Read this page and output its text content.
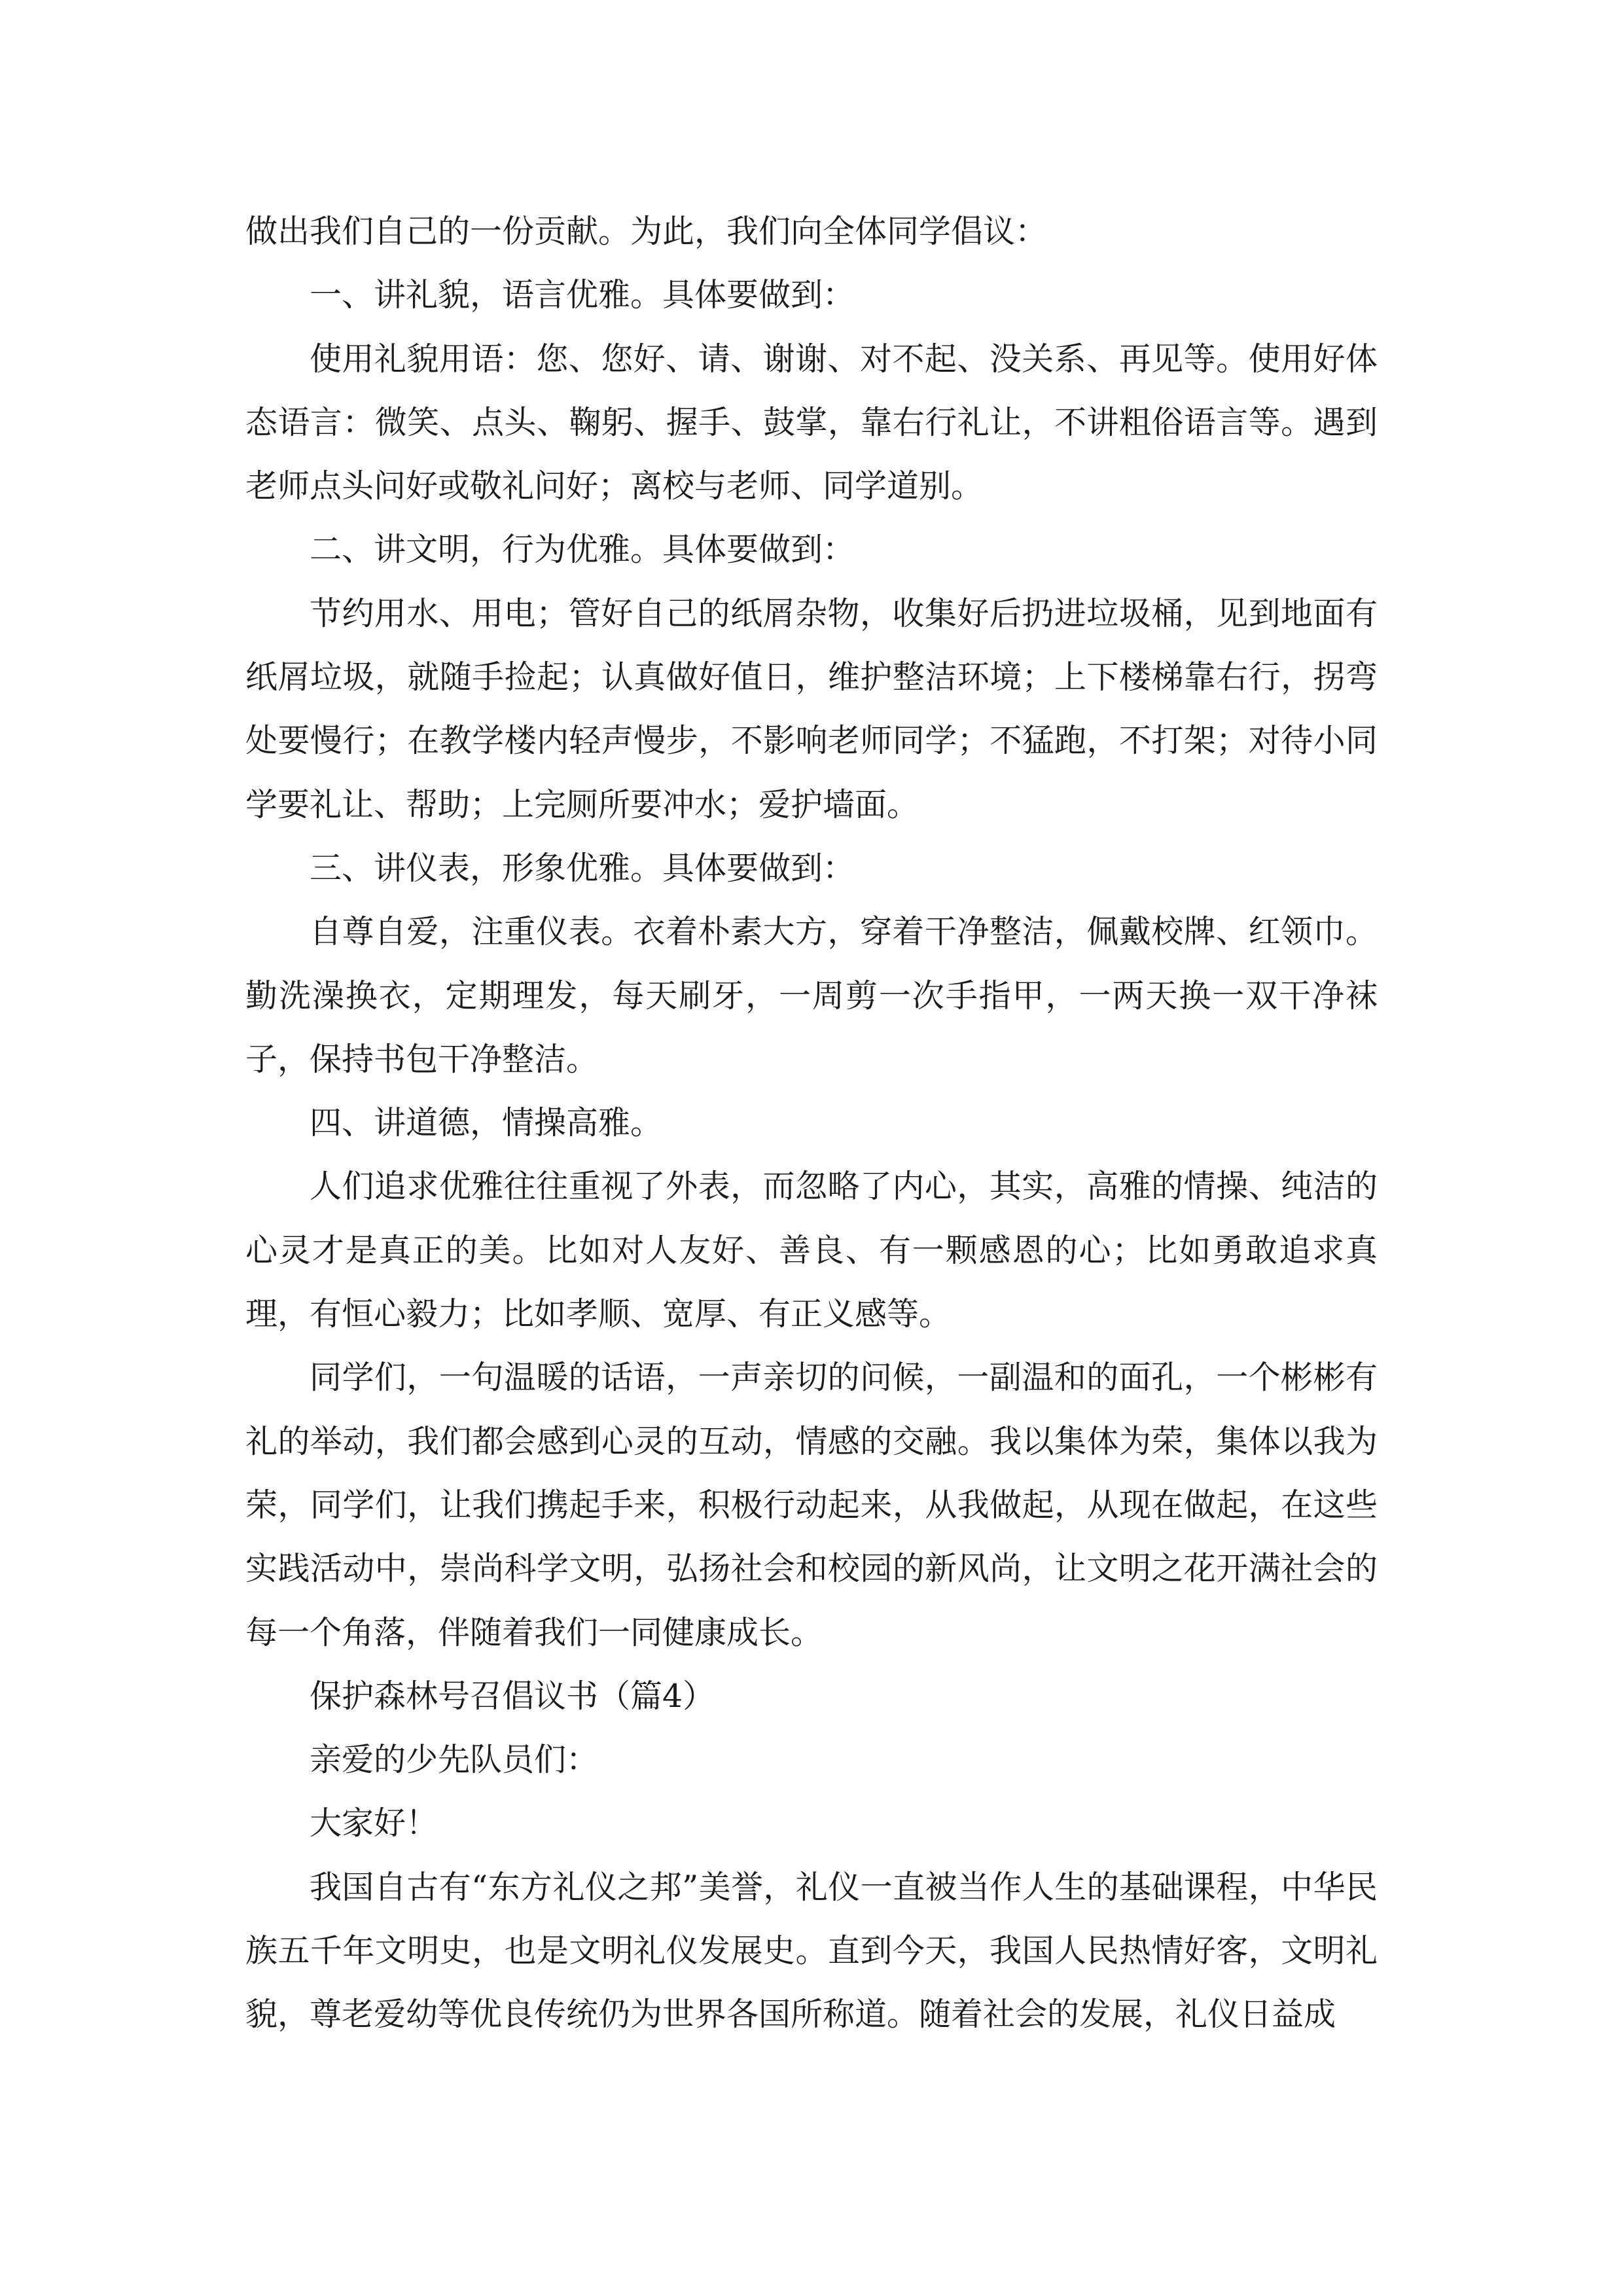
做出我们自己的一份贡献。为此，我们向全体同学倡议：

一、讲礼貌，语言优雅。具体要做到：

使用礼貌用语：您、您好、请、谢谢、对不起、没关系、再见等。使用好体态语言：微笑、点头、鞠躬、握手、鼓掌，靠右行礼让，不讲粗俗语言等。遇到老师点头问好或敬礼问好；离校与老师、同学道别。

二、讲文明，行为优雅。具体要做到：

节约用水、用电；管好自己的纸屑杂物，收集好后扔进垃圾桶，见到地面有纸屑垃圾，就随手捡起；认真做好值日，维护整洁环境；上下楼梯靠右行，拐弯处要慢行；在教学楼内轻声慢步，不影响老师同学；不猛跑，不打架；对待小同学要礼让、帮助；上完厕所要冲水；爱护墙面。

三、讲仪表，形象优雅。具体要做到：

自尊自爱，注重仪表。衣着朴素大方，穿着干净整洁，佩戴校牌、红领巾。勤洗澡换衣，定期理发，每天刷牙，一周剪一次手指甲，一两天换一双干净袜子，保持书包干净整洁。

四、讲道德，情操高雅。

人们追求优雅往往重视了外表，而忽略了内心，其实，高雅的情操、纯洁的心灵才是真正的美。比如对人友好、善良、有一颗感恩的心；比如勇敢追求真理，有恒心毅力；比如孝顺、宽厚、有正义感等。

同学们，一句温暖的话语，一声亲切的问候，一副温和的面孔，一个彬彬有礼的举动，我们都会感到心灵的互动，情感的交融。我以集体为荣，集体以我为荣，同学们，让我们携起手来，积极行动起来，从我做起，从现在做起，在这些实践活动中，崇尚科学文明，弘扬社会和校园的新风尚，让文明之花开满社会的每一个角落，伴随着我们一同健康成长。

保护森林号召倡议书（篇4）

亲爱的少先队员们：

大家好！

我国自古有“东方礼仪之邦”美誉，礼仪一直被当作人生的基础课程，中华民族五千年文明史，也是文明礼仪发展史。直到今天，我国人民热情好客，文明礼貌，尊老爱幼等优良传统仍为世界各国所称道。随着社会的发展，礼仪日益成
